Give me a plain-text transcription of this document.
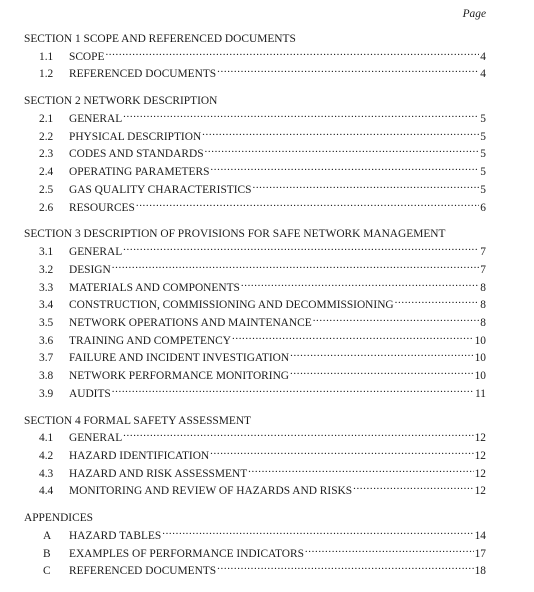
Page
SECTION 1 SCOPE AND REFERENCED DOCUMENTS
1.1	SCOPE .....	4
1.2	REFERENCED DOCUMENTS .....	4
SECTION 2 NETWORK DESCRIPTION
2.1	GENERAL .....	5
2.2	PHYSICAL DESCRIPTION .....	5
2.3	CODES AND STANDARDS .....	5
2.4	OPERATING PARAMETERS .....	5
2.5	GAS QUALITY CHARACTERISTICS .....	5
2.6	RESOURCES .....	6
SECTION 3 DESCRIPTION OF PROVISIONS FOR SAFE NETWORK MANAGEMENT
3.1	GENERAL .....	7
3.2	DESIGN .....	7
3.3	MATERIALS AND COMPONENTS .....	8
3.4	CONSTRUCTION, COMMISSIONING AND DECOMMISSIONING .....	8
3.5	NETWORK OPERATIONS AND MAINTENANCE .....	8
3.6	TRAINING AND COMPETENCY .....	10
3.7	FAILURE AND INCIDENT INVESTIGATION .....	10
3.8	NETWORK PERFORMANCE MONITORING .....	10
3.9	AUDITS .....	11
SECTION 4 FORMAL SAFETY ASSESSMENT
4.1	GENERAL .....	12
4.2	HAZARD IDENTIFICATION .....	12
4.3	HAZARD AND RISK ASSESSMENT .....	12
4.4	MONITORING AND REVIEW OF HAZARDS AND RISKS .....	12
APPENDICES
A	HAZARD TABLES .....	14
B	EXAMPLES OF PERFORMANCE INDICATORS .....	17
C	REFERENCED DOCUMENTS .....	18
